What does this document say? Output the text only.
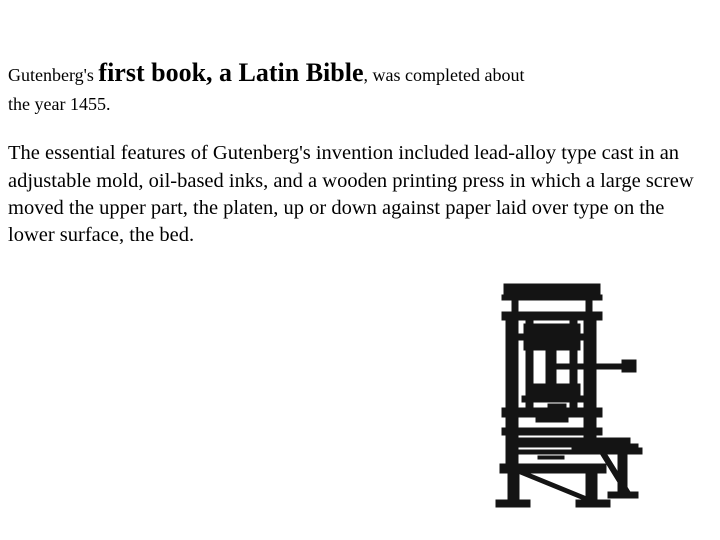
Gutenberg's first book, a Latin Bible, was completed about
the year 1455.

The essential features of Gutenberg's invention included lead-alloy type cast in an adjustable mold, oil-based inks, and a wooden printing press in which a large screw moved the upper part, the platen, up or down against paper laid over type on the lower surface, the bed.
